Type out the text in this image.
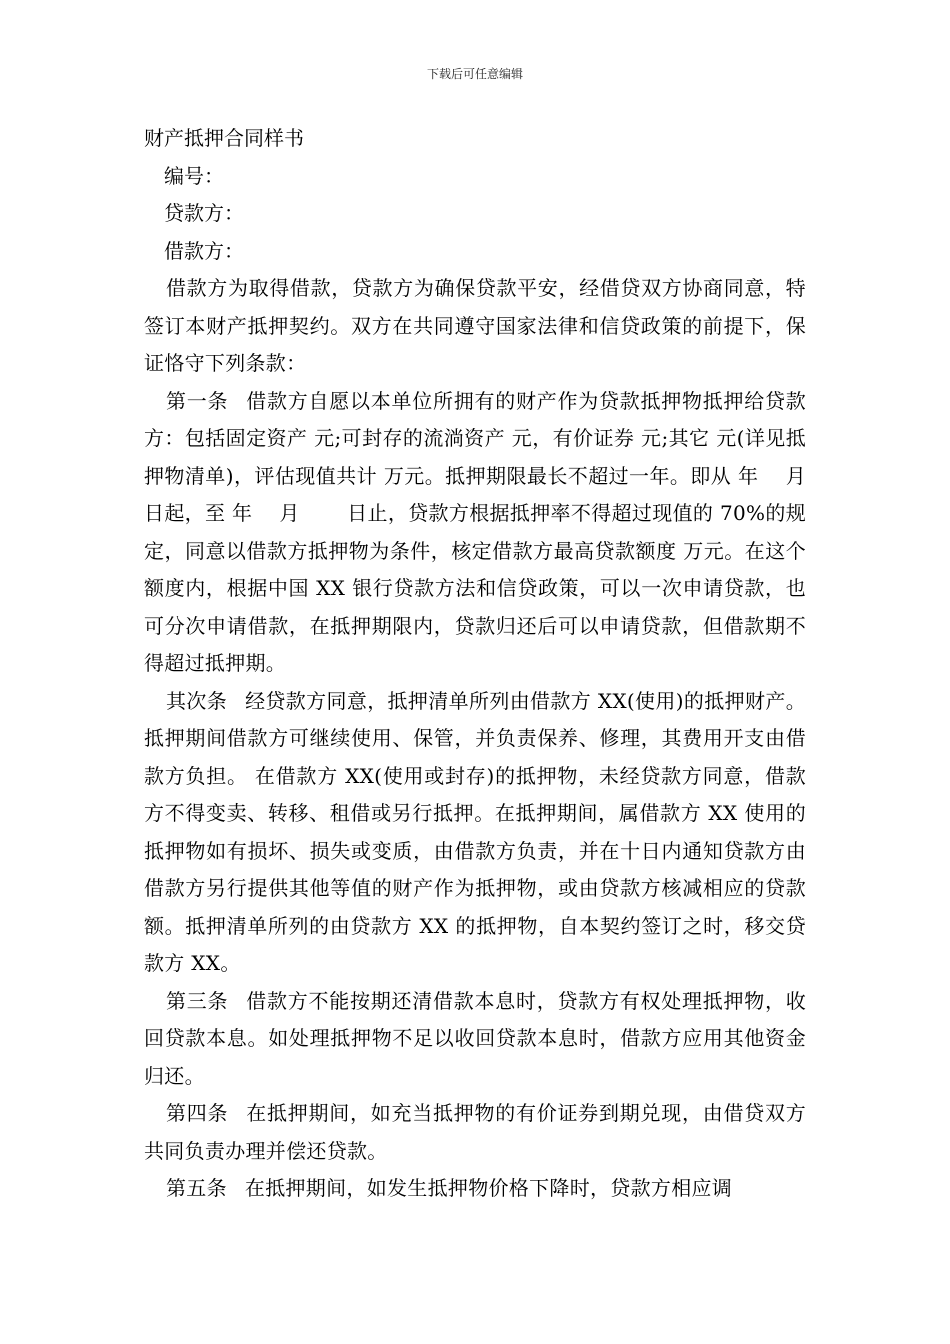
下载后可任意编辑

财产抵押合同样书

编号：

贷款方：

借款方：

借款方为取得借款，贷款方为确保贷款平安，经借贷双方协商同意，特签订本财产抵押契约。双方在共同遵守国家法律和信贷政策的前提下，保证恪守下列条款：

第一条 借款方自愿以本单位所拥有的财产作为贷款抵押物抵押给贷款方：包括固定资产 元;可封存的流淌资产 元，有价证券 元;其它 元(详见抵押物清单)，评估现值共计 万元。抵押期限最长不超过一年。即从 年　 月　　 日起，至 年　 月　　 日止，贷款方根据抵押率不得超过现值的 70%的规定，同意以借款方抵押物为条件，核定借款方最高贷款额度 万元。在这个额度内，根据中国 XX 银行贷款方法和信贷政策，可以一次申请贷款，也可分次申请借款，在抵押期限内，贷款归还后可以申请贷款，但借款期不得超过抵押期。

其次条 经贷款方同意，抵押清单所列由借款方 XX(使用)的抵押财产。抵押期间借款方可继续使用、保管，并负责保养、修理，其费用开支由借款方负担。 在借款方 XX(使用或封存)的抵押物，未经贷款方同意，借款方不得变卖、转移、租借或另行抵押。在抵押期间，属借款方 XX 使用的抵押物如有损坏、损失或变质，由借款方负责，并在十日内通知贷款方由借款方另行提供其他等值的财产作为抵押物，或由贷款方核减相应的贷款额。抵押清单所列的由贷款方 XX 的抵押物，自本契约签订之时，移交贷款方 XX。

第三条 借款方不能按期还清借款本息时，贷款方有权处理抵押物，收回贷款本息。如处理抵押物不足以收回贷款本息时，借款方应用其他资金归还。

第四条 在抵押期间，如充当抵押物的有价证券到期兑现，由借贷双方共同负责办理并偿还贷款。

第五条 在抵押期间，如发生抵押物价格下降时，贷款方相应调
